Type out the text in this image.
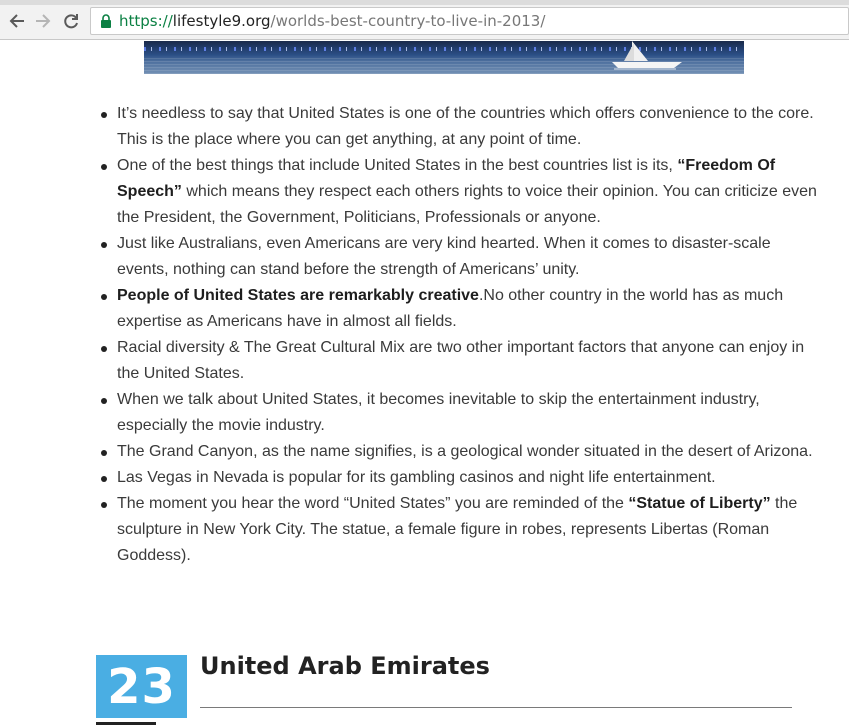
https://lifestyle9.org/worlds-best-country-to-live-in-2013/
It’s needless to say that United States is one of the countries which offers convenience to the core. This is the place where you can get anything, at any point of time.
One of the best things that include United States in the best countries list is its, “Freedom Of Speech” which means they respect each others rights to voice their opinion. You can criticize even the President, the Government, Politicians, Professionals or anyone.
Just like Australians, even Americans are very kind hearted. When it comes to disaster-scale events, nothing can stand before the strength of Americans’ unity.
People of United States are remarkably creative.No other country in the world has as much expertise as Americans have in almost all fields.
Racial diversity & The Great Cultural Mix are two other important factors that anyone can enjoy in the United States.
When we talk about United States, it becomes inevitable to skip the entertainment industry, especially the movie industry.
The Grand Canyon, as the name signifies, is a geological wonder situated in the desert of Arizona.
Las Vegas in Nevada is popular for its gambling casinos and night life entertainment.
The moment you hear the word “United States” you are reminded of the “Statue of Liberty” the sculpture in New York City. The statue, a female figure in robes, represents Libertas (Roman Goddess).
23	United Arab Emirates
